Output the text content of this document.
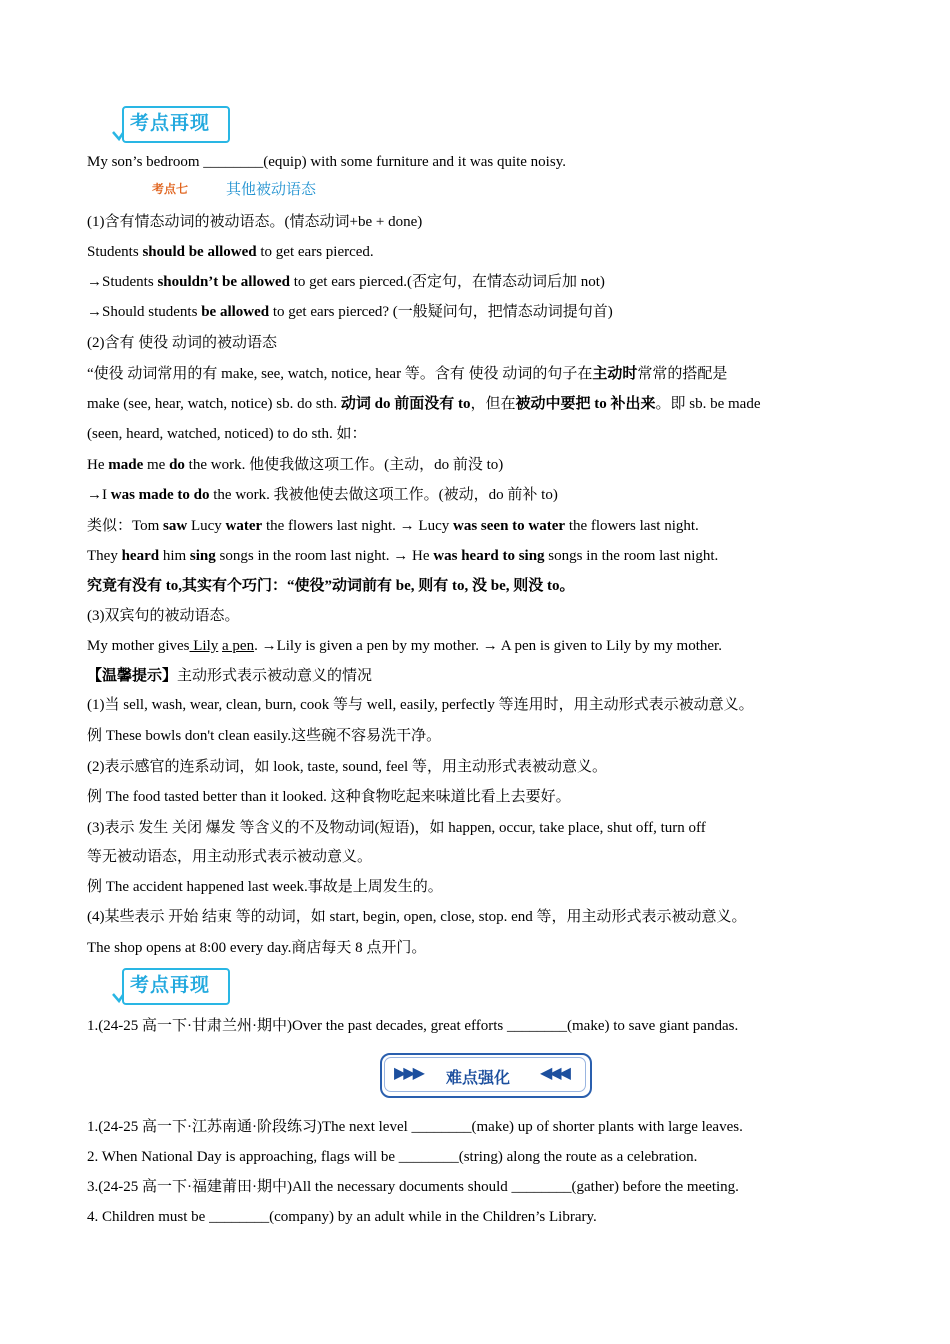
考点再现
My son’s bedroom ________(equip) with some furniture and it was quite noisy.
考点七	其他被动语态
(1)含有情态动词的被动语态。(情态动词+be + done)
Students should be allowed to get ears pierced.
→Students shouldn’t be allowed to get ears pierced.(否定句，在情态动词后加 not)
→Should students be allowed to get ears pierced? (一般疑问句，把情态动词提句首)
(2)含有 使役 动词的被动语态
“使役 动词常用的有 make, see, watch, notice, hear 等。含有 使役 动词的句子在主动时常常的搭配是
make (see, hear, watch, notice) sb. do sth. 动词 do 前面没有 to，但在被动中要把 to 补出来。即 sb. be made
(seen, heard, watched, noticed) to do sth. 如：
He made me do the work. 他使我做这项工作。(主动，do 前没 to)
→I was made to do the work. 我被他使去做这项工作。(被动，do 前补 to)
类似：Tom saw Lucy water the flowers last night. → Lucy was seen to water the flowers last night.
They heard him sing songs in the room last night. → He was heard to sing songs in the room last night.
究竟有没有 to,其实有个巧门：“使役”动词前有 be, 则有 to, 没 be, 则没 to。
(3)双宾句的被动语态。
My mother gives Lily a pen. →Lily is given a pen by my mother. → A pen is given to Lily by my mother.
【温馨提示】主动形式表示被动意义的情况
(1)当 sell, wash, wear, clean, burn, cook 等与 well, easily, perfectly 等连用时，用主动形式表示被动意义。
例 These bowls don't clean easily.这些碗不容易洗干净。
(2)表示感官的连系动词，如 look, taste, sound, feel 等，用主动形式表被动意义。
例 The food tasted better than it looked. 这种食物吃起来味道比看上去要好。
(3)表示 发生 关闭 爆发 等含义的不及物动词(短语)，如 happen, occur, take place, shut off, turn off
等无被动语态，用主动形式表示被动意义。
例 The accident happened last week.事故是上周发生的。
(4)某些表示 开始 结束 等的动词，如 start, begin, open, close, stop. end 等，用主动形式表示被动意义。
The shop opens at 8:00 every day.商店每天 8 点开门。
考点再现
1.(24-25 高一下·甘肃兰州·期中)Over the past decades, great efforts ________(make) to save giant pandas.
▶▶▶ 难点强化 ◀◀◀
1.(24-25 高一下·江苏南通·阶段练习)The next level ________(make) up of shorter plants with large leaves.
2. When National Day is approaching, flags will be ________(string) along the route as a celebration.
3.(24-25 高一下·福建莆田·期中)All the necessary documents should ________(gather) before the meeting.
4. Children must be ________(company) by an adult while in the Children’s Library.
